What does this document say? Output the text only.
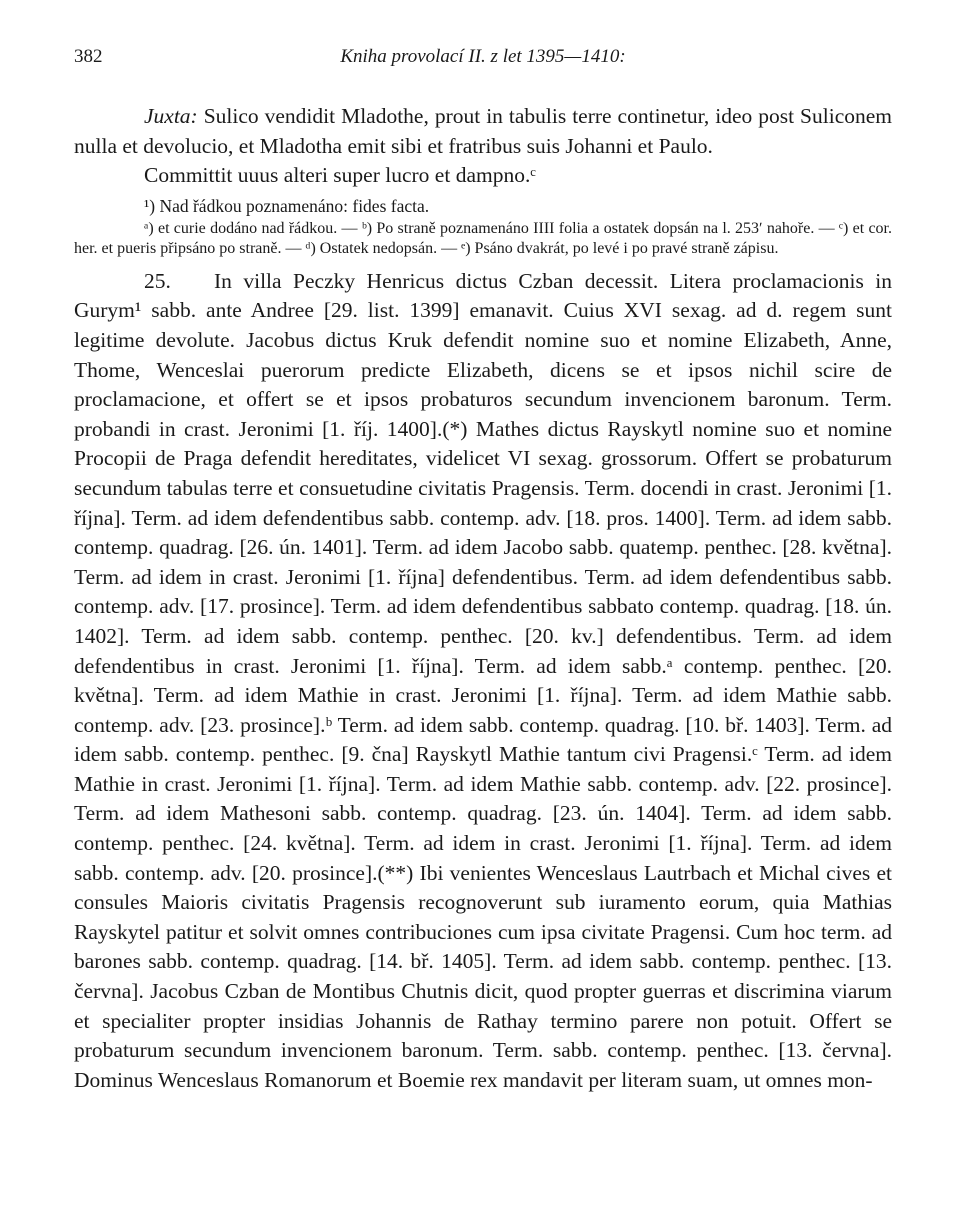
382	Kniha provolací II. z let 1395—1410:

Juxta: Sulico vendidit Mladothe, prout in tabulis terre continetur, ideo post Suliconem nulla et devolucio, et Mladotha emit sibi et fratribus suis Johanni et Paulo.

Committit uuus alteri super lucro et dampno.ᶜ

¹) Nad řádkou poznamenáno: fides facta.

ᵃ) et curie dodáno nad řádkou. — ᵇ) Po straně poznamenáno IIII folia a ostatek dopsán na l. 253ʹ nahoře. — ᶜ) et cor. her. et pueris připsáno po straně. — ᵈ) Ostatek nedopsán. — ᵉ) Psáno dvakrát, po levé i po pravé straně zápisu.

25. In villa Peczky Henricus dictus Czban decessit. Litera proclamacionis in Gurym¹ sabb. ante Andree [29. list. 1399] emanavit. Cuius XVI sexag. ad d. regem sunt legitime devolute. Jacobus dictus Kruk defendit nomine suo et nomine Elizabeth, Anne, Thome, Wenceslai puerorum predicte Elizabeth, dicens se et ipsos nichil scire de proclamacione, et offert se et ipsos probaturos secundum invencionem baronum. Term. probandi in crast. Jeronimi [1. říj. 1400].(*) Mathes dictus Rayskytl nomine suo et nomine Procopii de Praga defendit hereditates, videlicet VI sexag. grossorum. Offert se probaturum secundum tabulas terre et consuetudine civitatis Pragensis. Term. docendi in crast. Jeronimi [1. října]. Term. ad idem defendentibus sabb. contemp. adv. [18. pros. 1400]. Term. ad idem sabb. contemp. quadrag. [26. ún. 1401]. Term. ad idem Jacobo sabb. quatemp. penthec. [28. května]. Term. ad idem in crast. Jeronimi [1. října] defendentibus. Term. ad idem defendentibus sabb. contemp. adv. [17. prosince]. Term. ad idem defendentibus sabbato contemp. quadrag. [18. ún. 1402]. Term. ad idem sabb. contemp. penthec. [20. kv.] defendentibus. Term. ad idem defendentibus in crast. Jeronimi [1. října]. Term. ad idem sabb.ᵃ contemp. penthec. [20. května]. Term. ad idem Mathie in crast. Jeronimi [1. října]. Term. ad idem Mathie sabb. contemp. adv. [23. prosince].ᵇ Term. ad idem sabb. contemp. quadrag. [10. bř. 1403]. Term. ad idem sabb. contemp. penthec. [9. čna] Rayskytl Mathie tantum civi Pragensi.ᶜ Term. ad idem Mathie in crast. Jeronimi [1. října]. Term. ad idem Mathie sabb. contemp. adv. [22. prosince]. Term. ad idem Mathesoni sabb. contemp. quadrag. [23. ún. 1404]. Term. ad idem sabb. contemp. penthec. [24. května]. Term. ad idem in crast. Jeronimi [1. října]. Term. ad idem sabb. contemp. adv. [20. prosince].(**) Ibi venientes Wenceslaus Lautrbach et Michal cives et consules Maioris civitatis Pragensis recognoverunt sub iuramento eorum, quia Mathias Rayskytel patitur et solvit omnes contribuciones cum ipsa civitate Pragensi. Cum hoc term. ad barones sabb. contemp. quadrag. [14. bř. 1405]. Term. ad idem sabb. contemp. penthec. [13. června]. Jacobus Czban de Montibus Chutnis dicit, quod propter guerras et discrimina viarum et specialiter propter insidias Johannis de Rathay termino parere non potuit. Offert se probaturum secundum invencionem baronum. Term. sabb. contemp. penthec. [13. června]. Dominus Wenceslaus Romanorum et Boemie rex mandavit per literam suam, ut omnes mon-
